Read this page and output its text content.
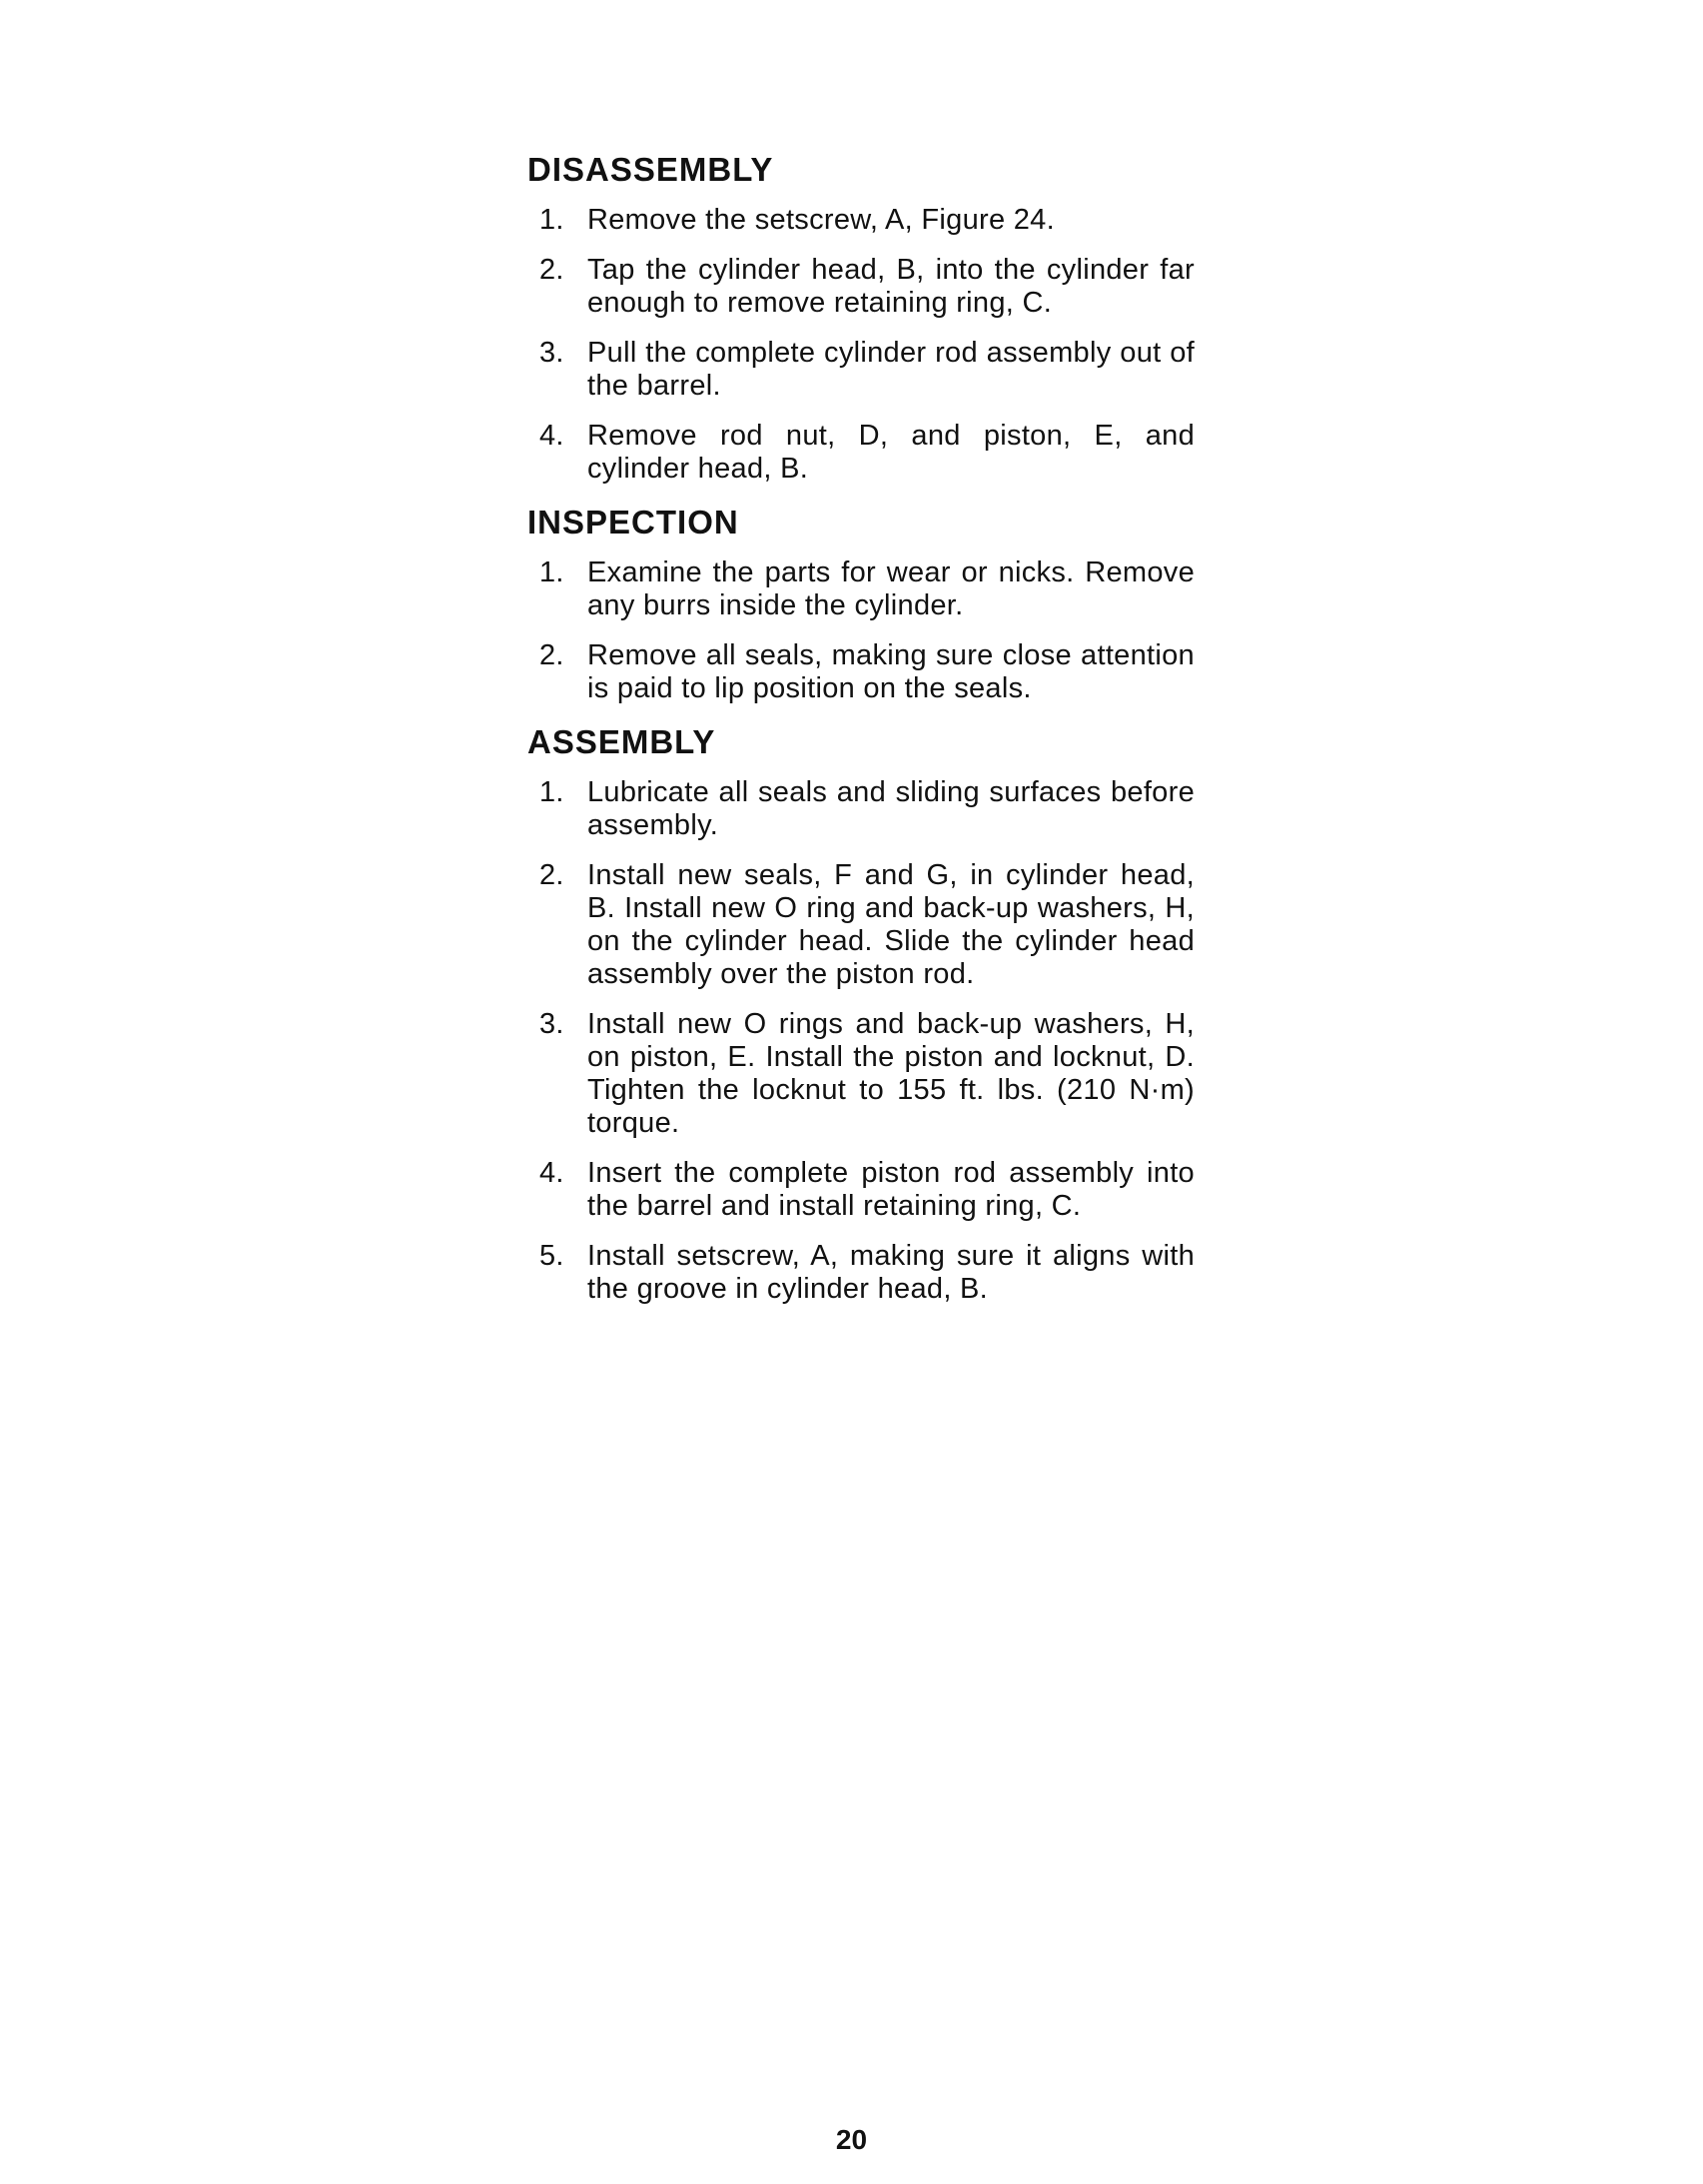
DISASSEMBLY
1. Remove the setscrew, A, Figure 24.
2. Tap the cylinder head, B, into the cylinder far enough to remove retaining ring, C.
3. Pull the complete cylinder rod assembly out of the barrel.
4. Remove rod nut, D, and piston, E, and cylinder head, B.
INSPECTION
1. Examine the parts for wear or nicks. Remove any burrs inside the cylinder.
2. Remove all seals, making sure close attention is paid to lip position on the seals.
ASSEMBLY
1. Lubricate all seals and sliding surfaces before assembly.
2. Install new seals, F and G, in cylinder head, B. Install new O ring and back-up washers, H, on the cylinder head. Slide the cylinder head assembly over the piston rod.
3. Install new O rings and back-up washers, H, on piston, E. Install the piston and locknut, D. Tighten the locknut to 155 ft. lbs. (210 N·m) torque.
4. Insert the complete piston rod assembly into the barrel and install retaining ring, C.
5. Install setscrew, A, making sure it aligns with the groove in cylinder head, B.
20
